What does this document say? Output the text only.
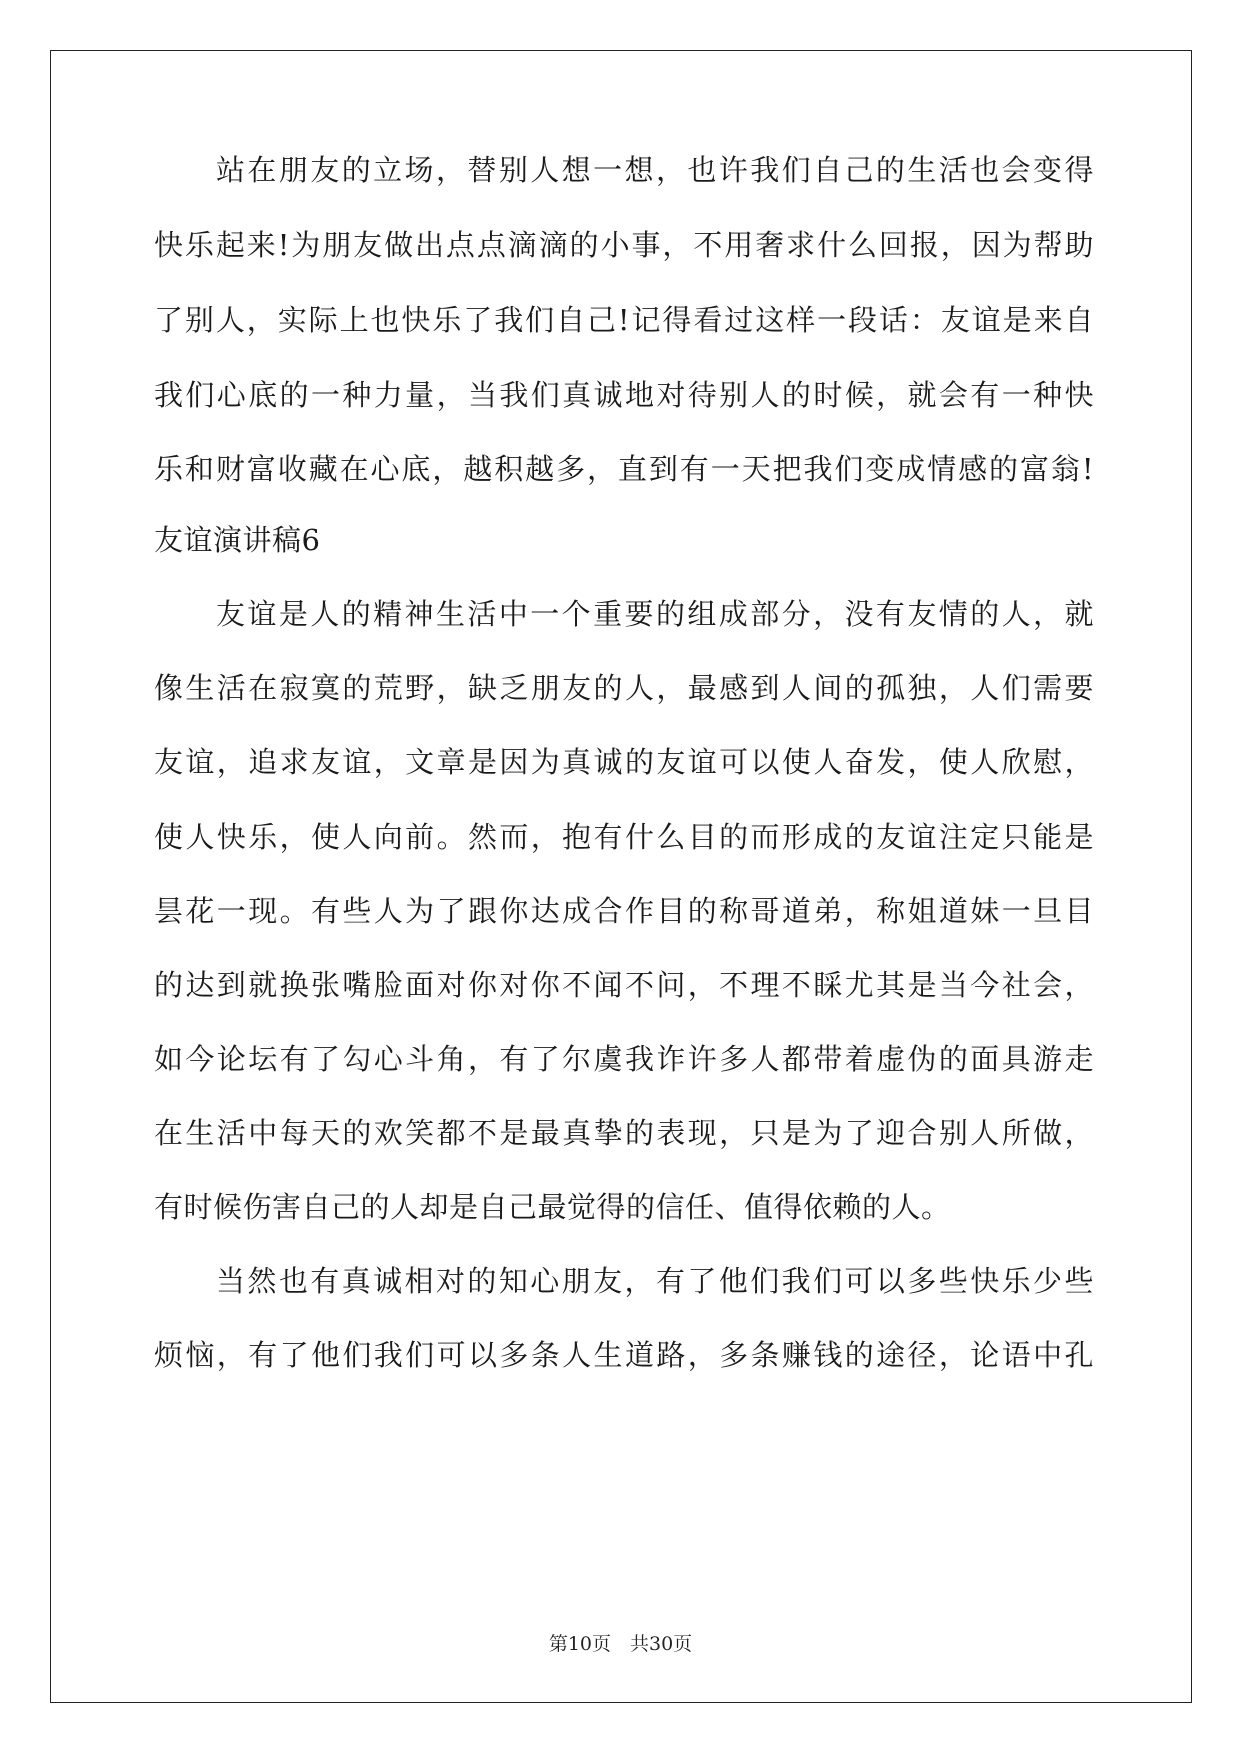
站在朋友的立场，替别人想一想，也许我们自己的生活也会变得
快乐起来!为朋友做出点点滴滴的小事，不用奢求什么回报，因为帮助
了别人，实际上也快乐了我们自己!记得看过这样一段话：友谊是来自
我们心底的一种力量，当我们真诚地对待别人的时候，就会有一种快
乐和财富收藏在心底，越积越多，直到有一天把我们变成情感的富翁!
友谊演讲稿6
友谊是人的精神生活中一个重要的组成部分，没有友情的人，就
像生活在寂寞的荒野，缺乏朋友的人，最感到人间的孤独，人们需要
友谊，追求友谊，文章是因为真诚的友谊可以使人奋发，使人欣慰，
使人快乐，使人向前。然而，抱有什么目的而形成的友谊注定只能是
昙花一现。有些人为了跟你达成合作目的称哥道弟，称姐道妹一旦目
的达到就换张嘴脸面对你对你不闻不问，不理不睬尤其是当今社会，
如今论坛有了勾心斗角，有了尔虞我诈许多人都带着虚伪的面具游走
在生活中每天的欢笑都不是最真挚的表现，只是为了迎合别人所做，
有时候伤害自己的人却是自己最觉得的信任、值得依赖的人。
当然也有真诚相对的知心朋友，有了他们我们可以多些快乐少些
烦恼，有了他们我们可以多条人生道路，多条赚钱的途径，论语中孔
第10页　共30页
